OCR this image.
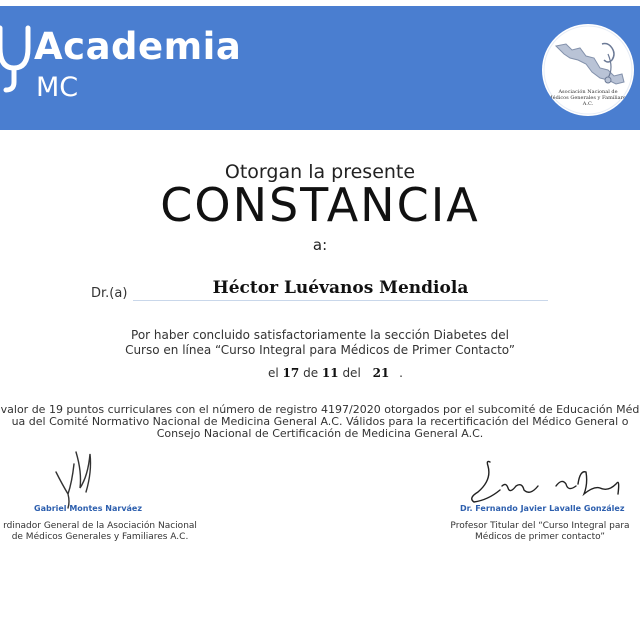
Academia
MC	Asociación Nacional de
Médicos Generales y Familiares A.C.
Otorgan la presente
CONSTANCIA
a:
Dr.(a)	Héctor Luévanos Mendiola
Por haber concluido satisfactoriamente la sección Diabetes del
Curso en línea “Curso Integral para Médicos de Primer Contacto”
el 17 de 11 del 21 .
valor de 19 puntos curriculares con el número de registro 4197/2020 otorgados por el subcomité de Educación Méd
ua del Comité Normativo Nacional de Medicina General A.C. Válidos para la recertificación del Médico General o
Consejo Nacional de Certificación de Medicina General A.C.
Gabriel Montes Narváez
rdinador General de la Asociación Nacional
de Médicos Generales y Familiares A.C.
Dr. Fernando Javier Lavalle González
Profesor Titular del “Curso Integral para
Médicos de primer contacto”
